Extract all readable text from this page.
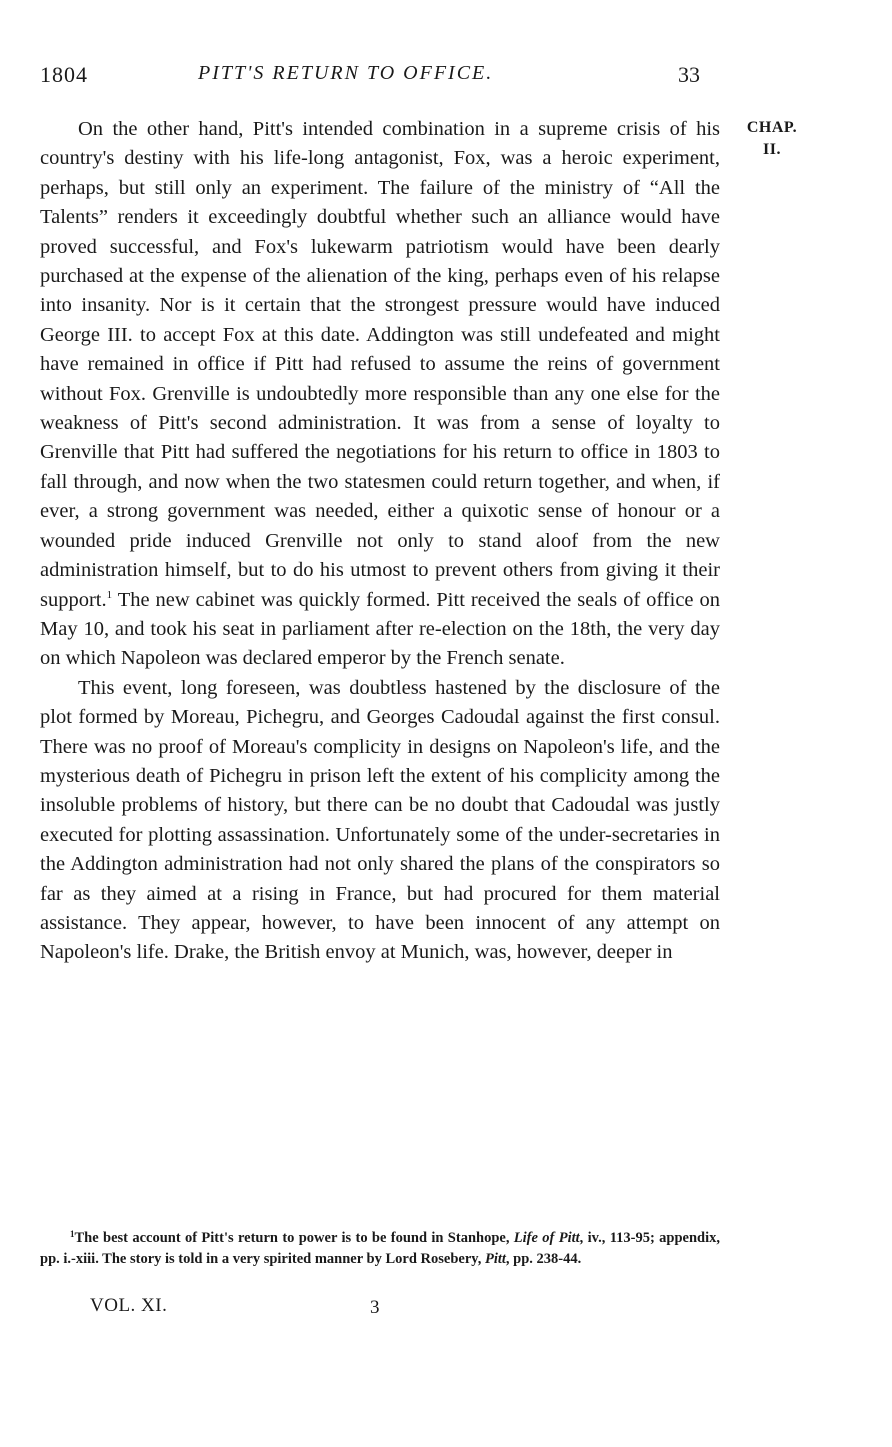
1804	PITT'S RETURN TO OFFICE.	33
CHAP.
II.

On the other hand, Pitt's intended combination in a supreme crisis of his country's destiny with his life-long antagonist, Fox, was a heroic experiment, perhaps, but still only an experiment. The failure of the ministry of “All the Talents” renders it exceedingly doubtful whether such an alliance would have proved successful, and Fox's lukewarm patriotism would have been dearly purchased at the expense of the alienation of the king, perhaps even of his relapse into insanity. Nor is it certain that the strongest pressure would have induced George III. to accept Fox at this date. Addington was still undefeated and might have remained in office if Pitt had refused to assume the reins of government without Fox. Grenville is undoubtedly more responsible than any one else for the weakness of Pitt's second administration. It was from a sense of loyalty to Grenville that Pitt had suffered the negotiations for his return to office in 1803 to fall through, and now when the two statesmen could return together, and when, if ever, a strong government was needed, either a quixotic sense of honour or a wounded pride induced Grenville not only to stand aloof from the new administration himself, but to do his utmost to prevent others from giving it their support.$^1$ The new cabinet was quickly formed. Pitt received the seals of office on May 10, and took his seat in parliament after re-election on the 18th, the very day on which Napoleon was declared emperor by the French senate.

This event, long foreseen, was doubtless hastened by the disclosure of the plot formed by Moreau, Pichegru, and Georges Cadoudal against the first consul. There was no proof of Moreau's complicity in designs on Napoleon's life, and the mysterious death of Pichegru in prison left the extent of his complicity among the insoluble problems of history, but there can be no doubt that Cadoudal was justly executed for plotting assassination. Unfortunately some of the under-secretaries in the Addington administration had not only shared the plans of the conspirators so far as they aimed at a rising in France, but had procured for them material assistance. They appear, however, to have been innocent of any attempt on Napoleon's life. Drake, the British envoy at Munich, was, however, deeper in

$^1$The best account of Pitt's return to power is to be found in Stanhope, Life of Pitt, iv., 113-95; appendix, pp. i.-xiii. The story is told in a very spirited manner by Lord Rosebery, Pitt, pp. 238-44.
VOL. XI.	3
